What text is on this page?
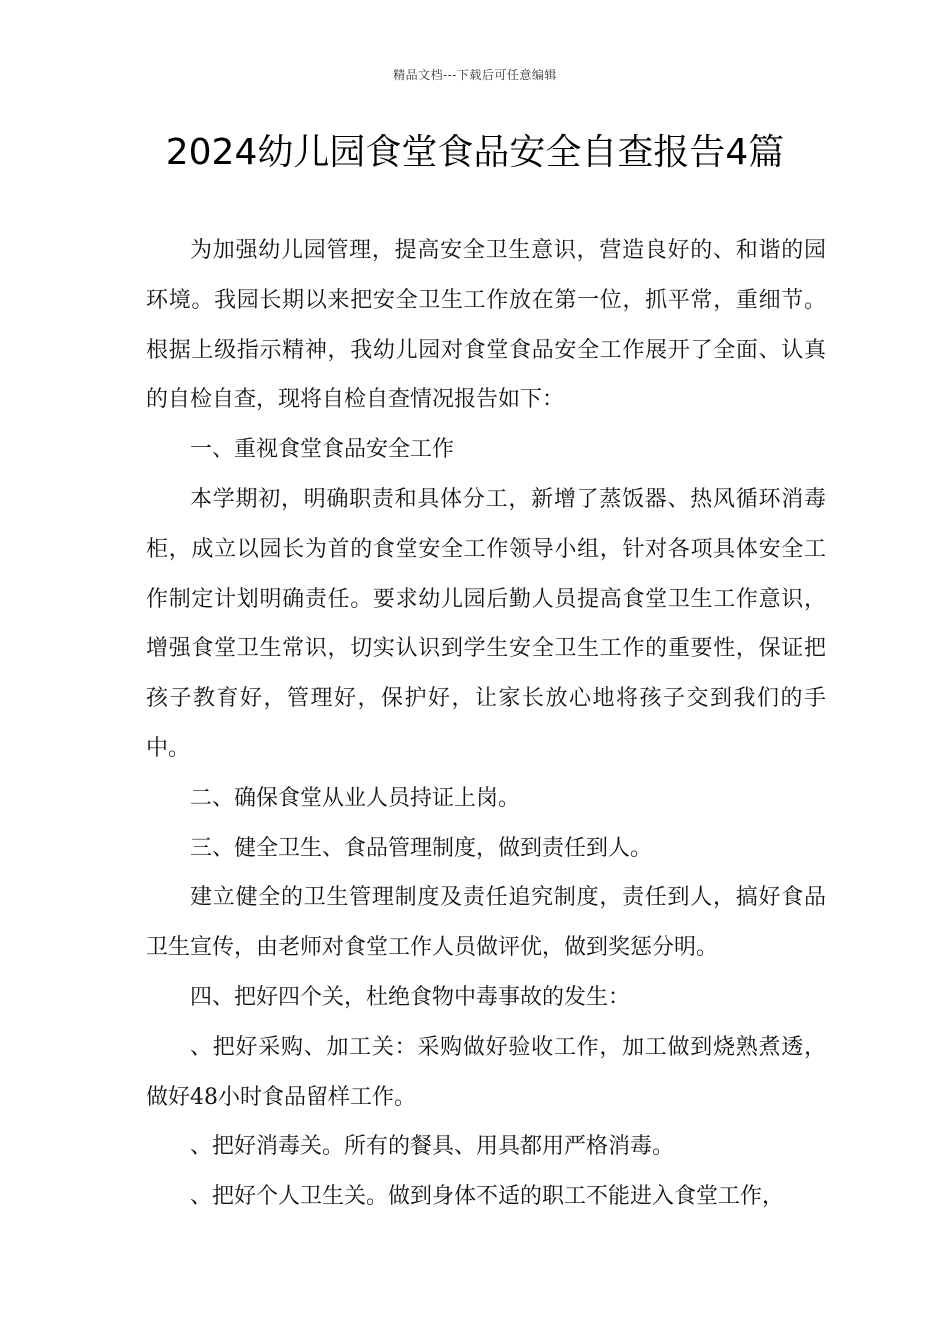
精品文档---下载后可任意编辑
2024幼儿园食堂食品安全自查报告4篇

为加强幼儿园管理，提高安全卫生意识，营造良好的、和谐的园环境。我园长期以来把安全卫生工作放在第一位，抓平常，重细节。根据上级指示精神，我幼儿园对食堂食品安全工作展开了全面、认真的自检自查，现将自检自查情况报告如下：

一、重视食堂食品安全工作

本学期初，明确职责和具体分工，新增了蒸饭器、热风循环消毒柜，成立以园长为首的食堂安全工作领导小组，针对各项具体安全工作制定计划明确责任。要求幼儿园后勤人员提高食堂卫生工作意识，增强食堂卫生常识，切实认识到学生安全卫生工作的重要性，保证把孩子教育好，管理好，保护好，让家长放心地将孩子交到我们的手中。

二、确保食堂从业人员持证上岗。

三、健全卫生、食品管理制度，做到责任到人。

建立健全的卫生管理制度及责任追究制度，责任到人，搞好食品卫生宣传，由老师对食堂工作人员做评优，做到奖惩分明。

四、把好四个关，杜绝食物中毒事故的发生：

、把好采购、加工关：采购做好验收工作，加工做到烧熟煮透，做好48小时食品留样工作。

、把好消毒关。所有的餐具、用具都用严格消毒。

、把好个人卫生关。做到身体不适的职工不能进入食堂工作，
